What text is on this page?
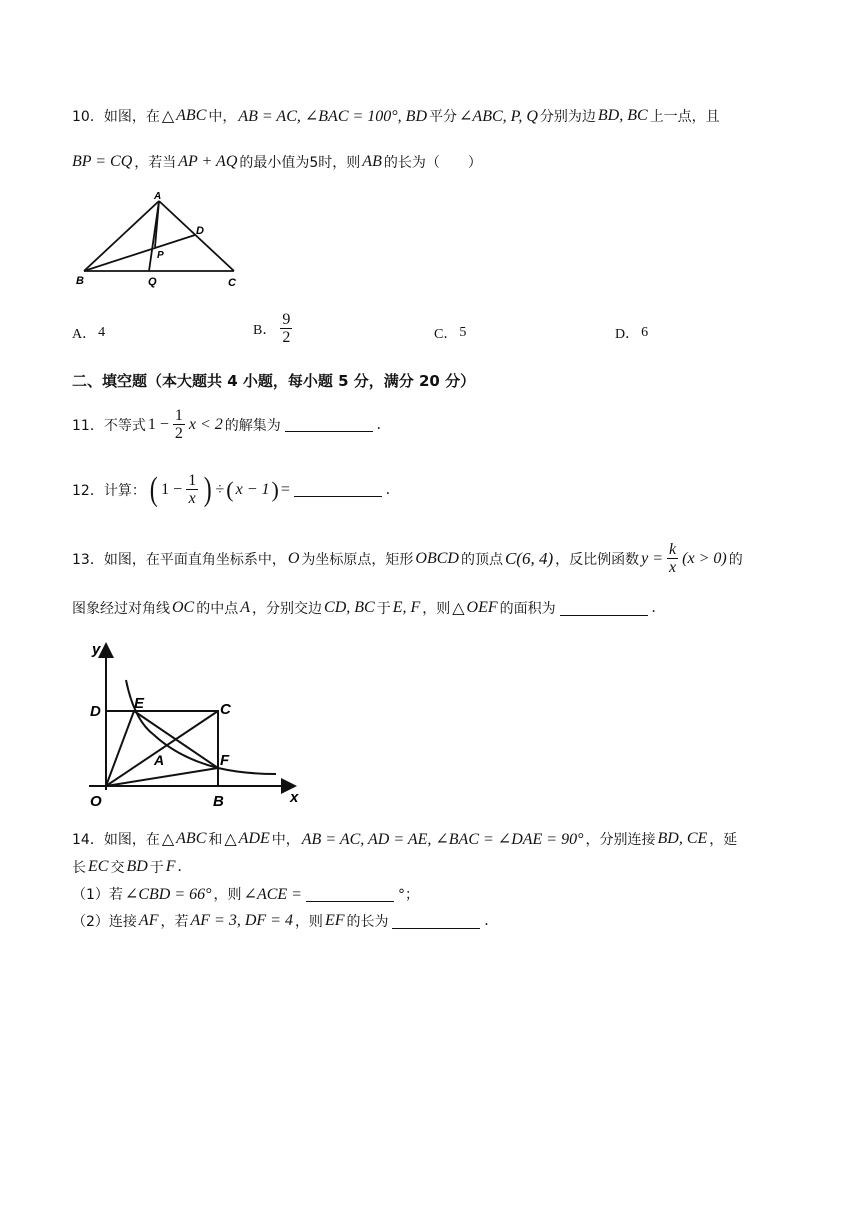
10．如图，在 △ ABC 中， AB = AC, ∠BAC = 100°, BD 平分 ∠ABC, P, Q 分别为边 BD, BC 上一点，且
BP = CQ ，若当 AP + AQ 的最小值为5时，则 AB 的长为（　　）
A
D
P
B	Q	C
A． 4	B． $\frac{9}{2}$	C． 5	D． 6
二、填空题（本大题共 4 小题，每小题 5 分，满分 20 分）
11．不等式 $1 - \frac{1}{2}$ x < 2 的解集为	.
12．计算： ( $1 - \frac{1}{x}$ ) ÷ ( x − 1 ) =	.
13．如图，在平面直角坐标系中， O 为坐标原点，矩形 OBCD 的顶点 C(6, 4) ，反比例函数 $y = \frac{k}{x} (x > 0)$ 的
图象经过对角线 OC 的中点 A ，分别交边 CD, BC 于 E, F ，则 △ OEF 的面积为	.
y
D E	C
A	F
O	B	x
14．如图，在 △ ABC 和 △ ADE 中， AB = AC, AD = AE, ∠BAC = ∠DAE = 90° ，分别连接 BD, CE ，延
长 EC 交 BD 于 F .
（1）若 ∠CBD = 66° ，则 ∠ACE =	°；
（2）连接 AF ，若 AF = 3, DF = 4 ，则 EF 的长为	.
